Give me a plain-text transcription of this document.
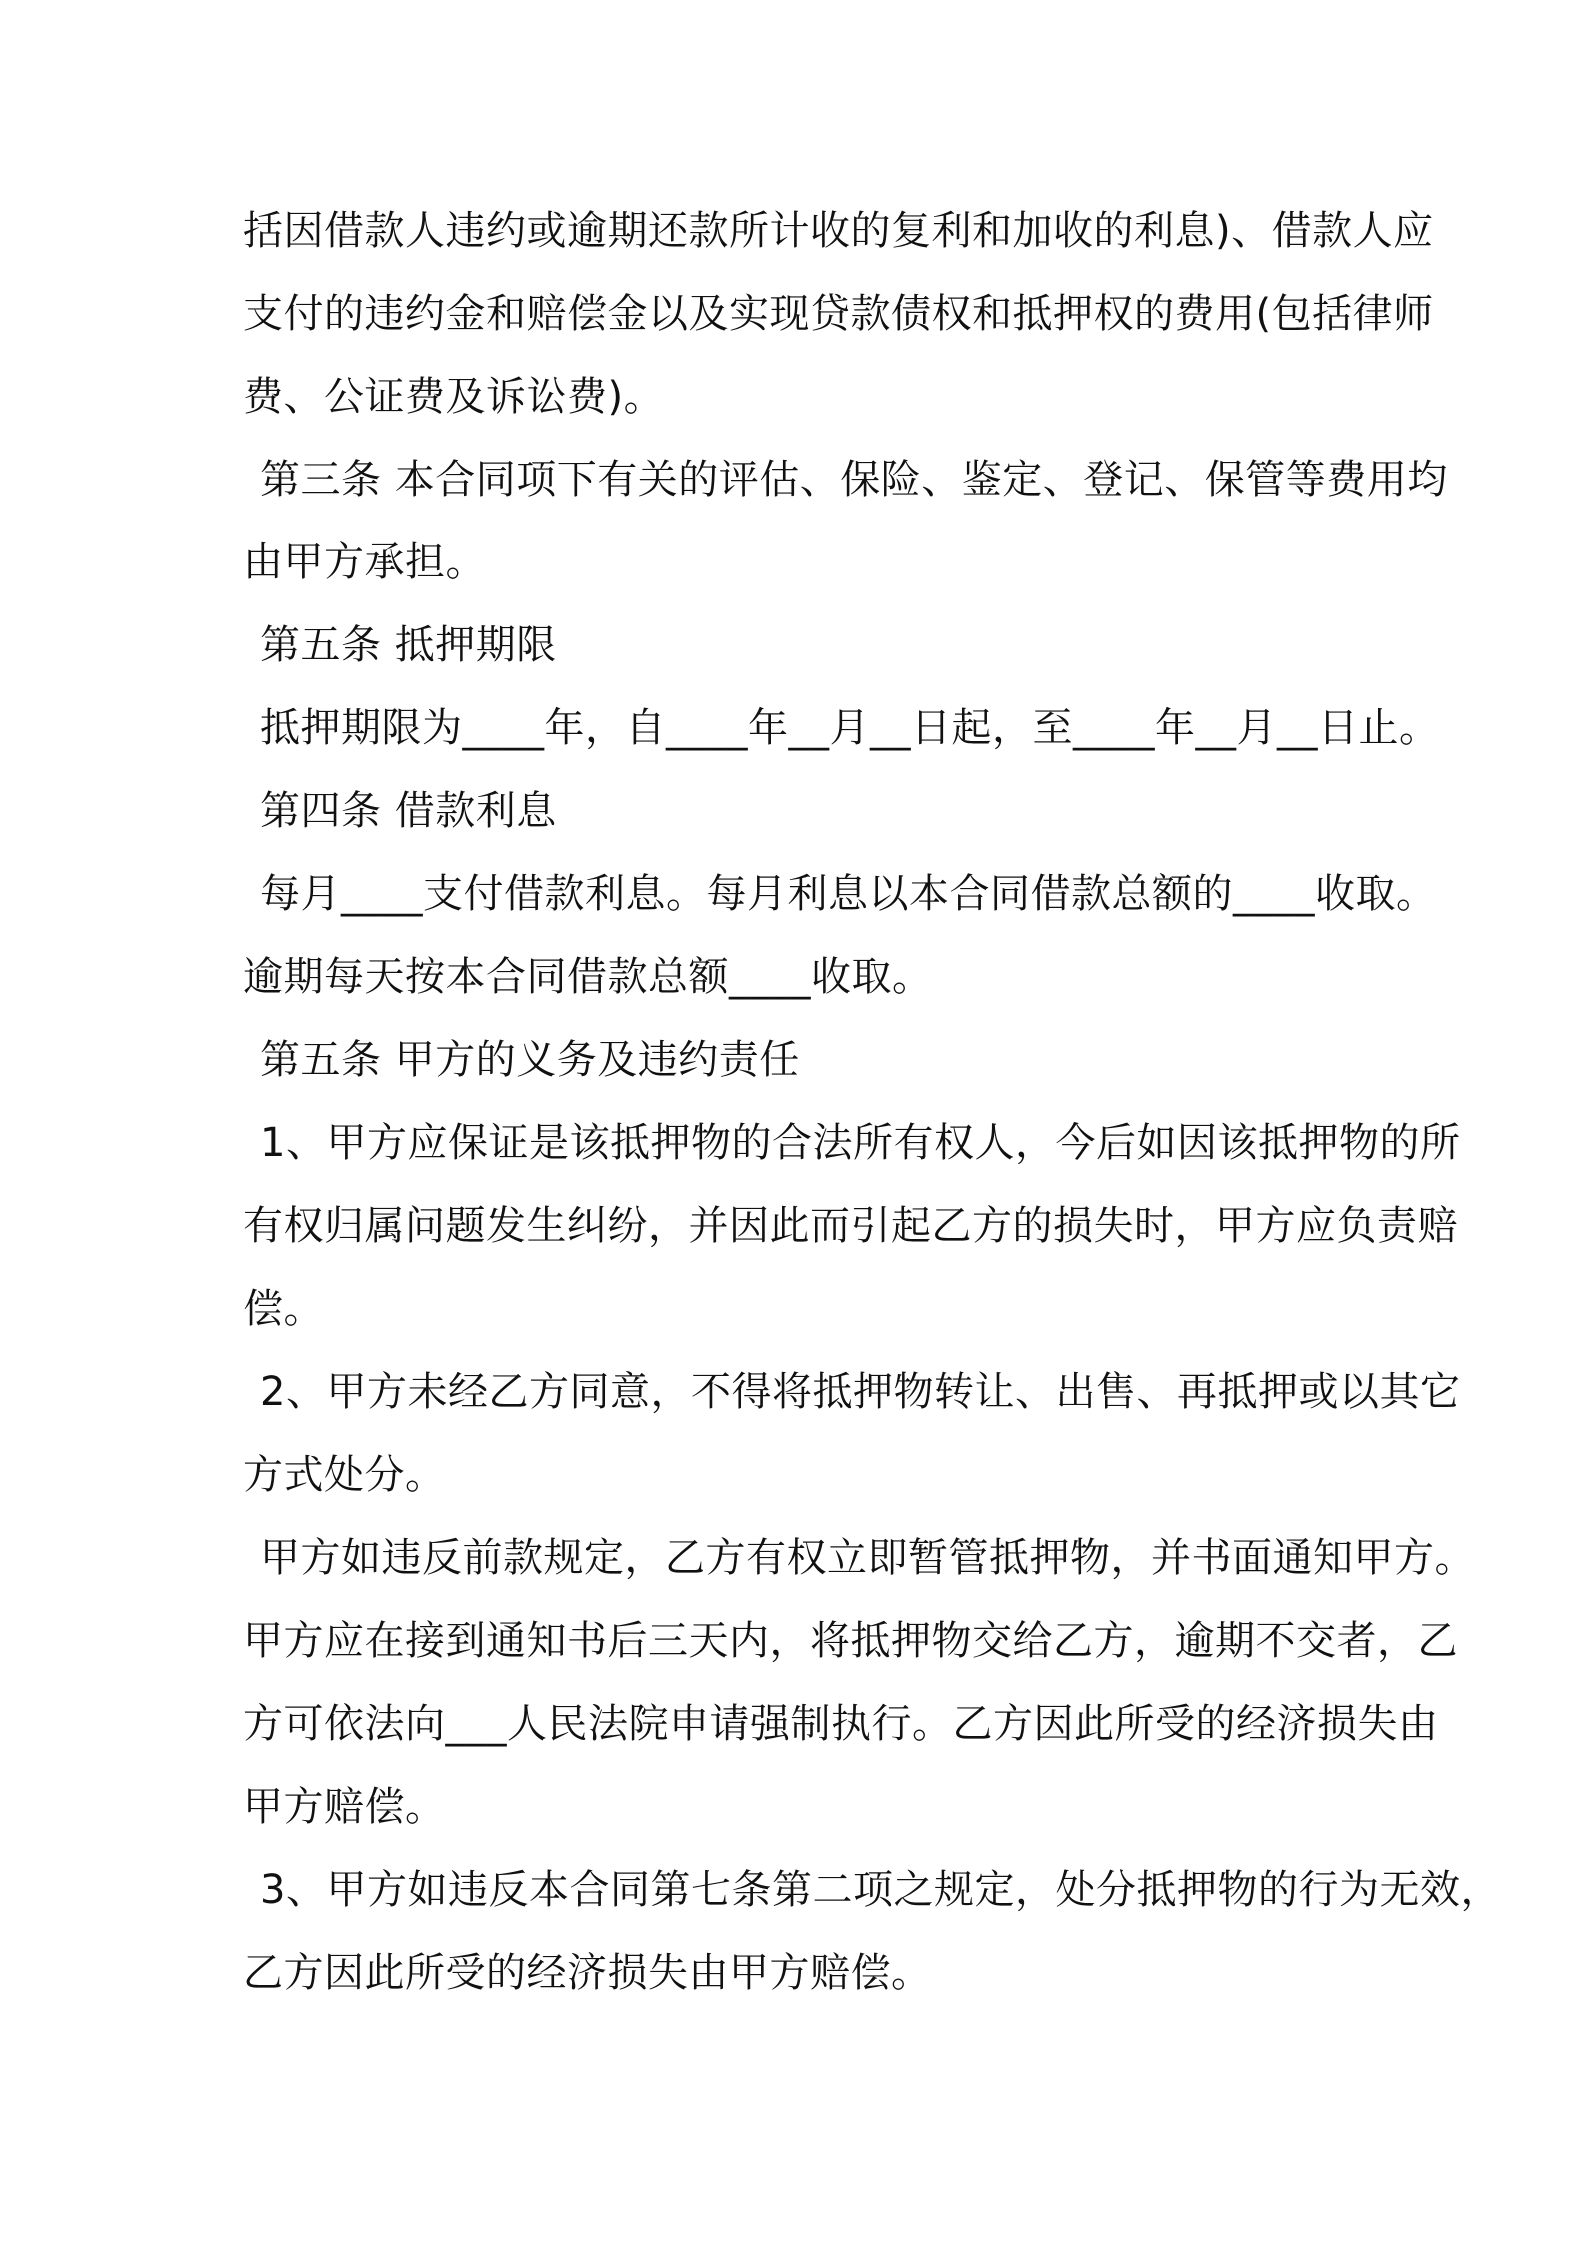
括因借款人违约或逾期还款所计收的复利和加收的利息)、借款人应
支付的违约金和赔偿金以及实现贷款债权和抵押权的费用(包括律师
费、公证费及诉讼费)。
第三条 本合同项下有关的评估、保险、鉴定、登记、保管等费用均
由甲方承担。
第五条 抵押期限
抵押期限为____年，自____年__月__日起，至____年__月__日止。
第四条 借款利息
每月____支付借款利息。每月利息以本合同借款总额的____收取。
逾期每天按本合同借款总额____收取。
第五条 甲方的义务及违约责任
1、甲方应保证是该抵押物的合法所有权人，今后如因该抵押物的所
有权归属问题发生纠纷，并因此而引起乙方的损失时，甲方应负责赔
偿。
2、甲方未经乙方同意，不得将抵押物转让、出售、再抵押或以其它
方式处分。
甲方如违反前款规定，乙方有权立即暂管抵押物，并书面通知甲方。
甲方应在接到通知书后三天内，将抵押物交给乙方，逾期不交者，乙
方可依法向___人民法院申请强制执行。乙方因此所受的经济损失由
甲方赔偿。
3、甲方如违反本合同第七条第二项之规定，处分抵押物的行为无效，
乙方因此所受的经济损失由甲方赔偿。
